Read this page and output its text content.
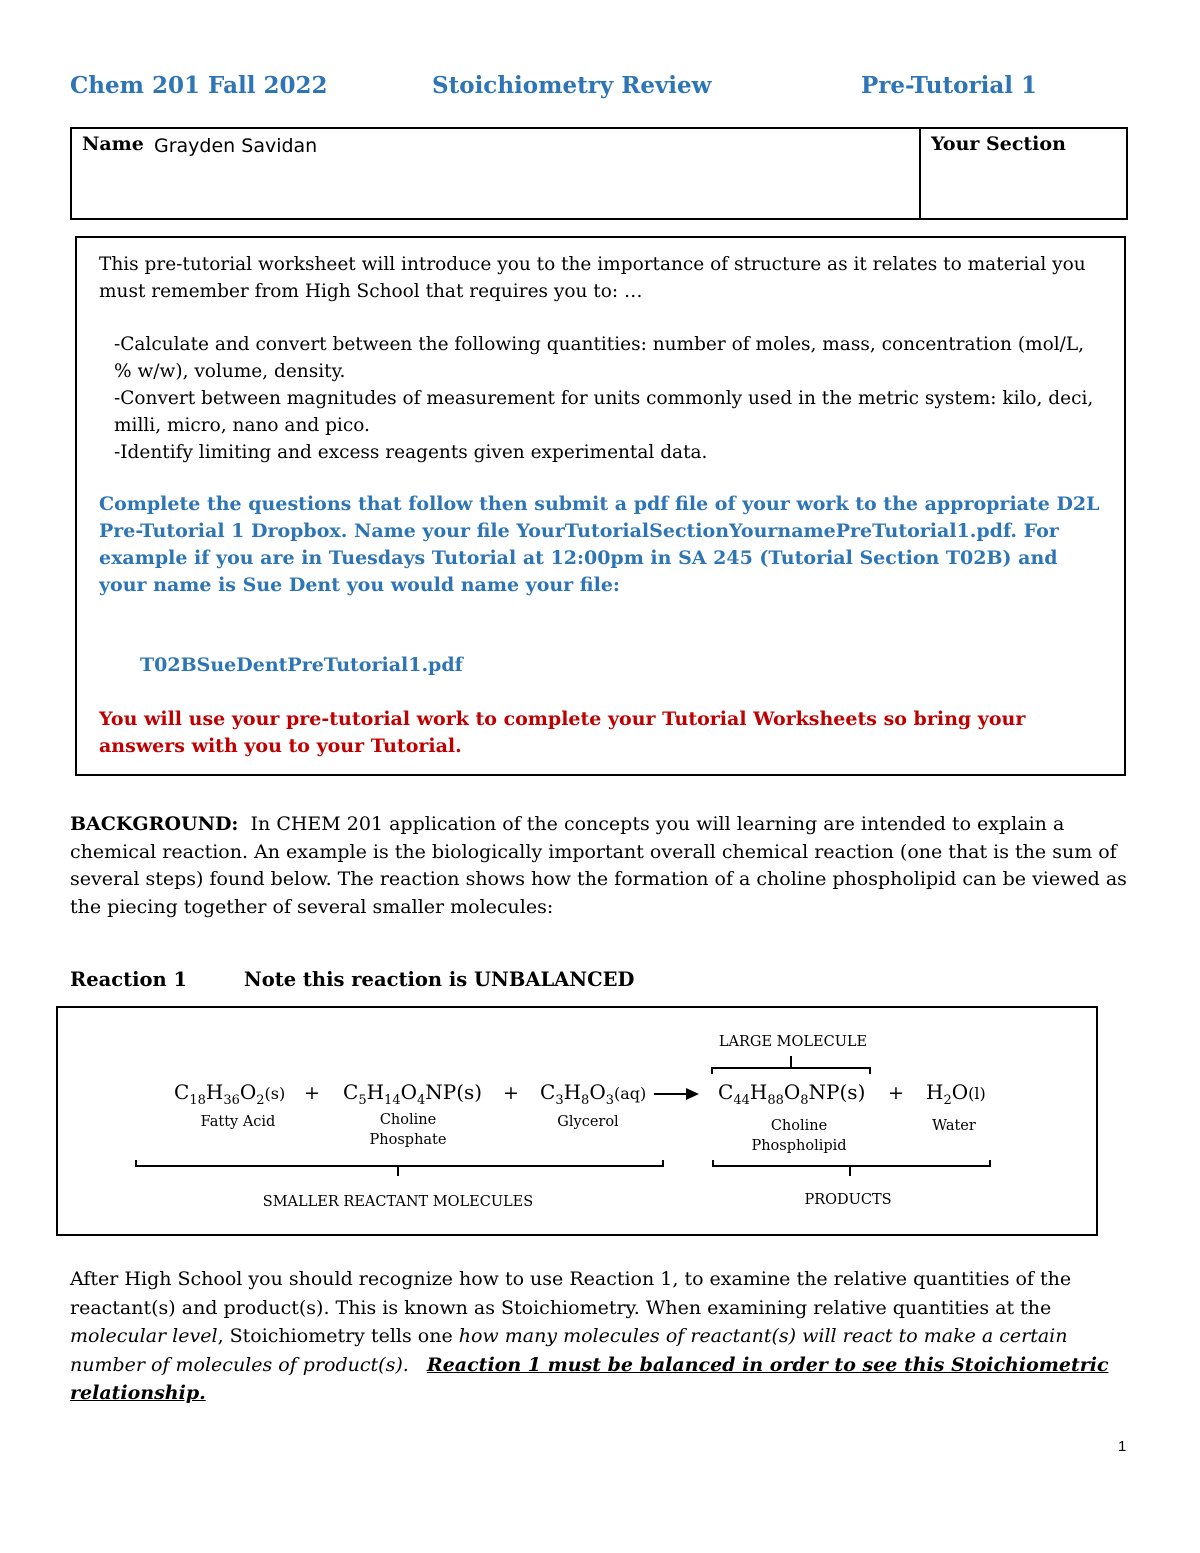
Chem 201 Fall 2022	Stoichiometry Review	Pre-Tutorial 1
Name Grayden Savidan	Your Section

This pre-tutorial worksheet will introduce you to the importance of structure as it relates to material you must remember from High School that requires you to: …

-Calculate and convert between the following quantities: number of moles, mass, concentration (mol/L, % w/w), volume, density.

-Convert between magnitudes of measurement for units commonly used in the metric system: kilo, deci, milli, micro, nano and pico.

-Identify limiting and excess reagents given experimental data.

Complete the questions that follow then submit a pdf file of your work to the appropriate D2L Pre-Tutorial 1 Dropbox. Name your file YourTutorialSectionYournamePreTutorial1.pdf. For example if you are in Tuesdays Tutorial at 12:00pm in SA 245 (Tutorial Section T02B) and your name is Sue Dent you would name your file:

T02BSueDentPreTutorial1.pdf

You will use your pre-tutorial work to complete your Tutorial Worksheets so bring your answers with you to your Tutorial.

BACKGROUND: In CHEM 201 application of the concepts you will learning are intended to explain a chemical reaction. An example is the biologically important overall chemical reaction (one that is the sum of several steps) found below. The reaction shows how the formation of a choline phospholipid can be viewed as the piecing together of several smaller molecules:

Reaction 1	Note this reaction is UNBALANCED
LARGE MOLECULE
$C_{18}H_{36}O_2(s)$
Fatty Acid
+ $C_5H_{14}O_4NP(s)$
Choline Phosphate
+ $C_3H_8O_3(aq)$
Glycerol
$C_{44}H_{88}O_8NP(s)$
Choline Phospholipid
+ $H_2O(l)$
Water
SMALLER REACTANT MOLECULES	PRODUCTS

After High School you should recognize how to use Reaction 1, to examine the relative quantities of the reactant(s) and product(s). This is known as Stoichiometry. When examining relative quantities at the molecular level, Stoichiometry tells one how many molecules of reactant(s) will react to make a certain number of molecules of product(s). Reaction 1 must be balanced in order to see this Stoichiometric relationship.

1
